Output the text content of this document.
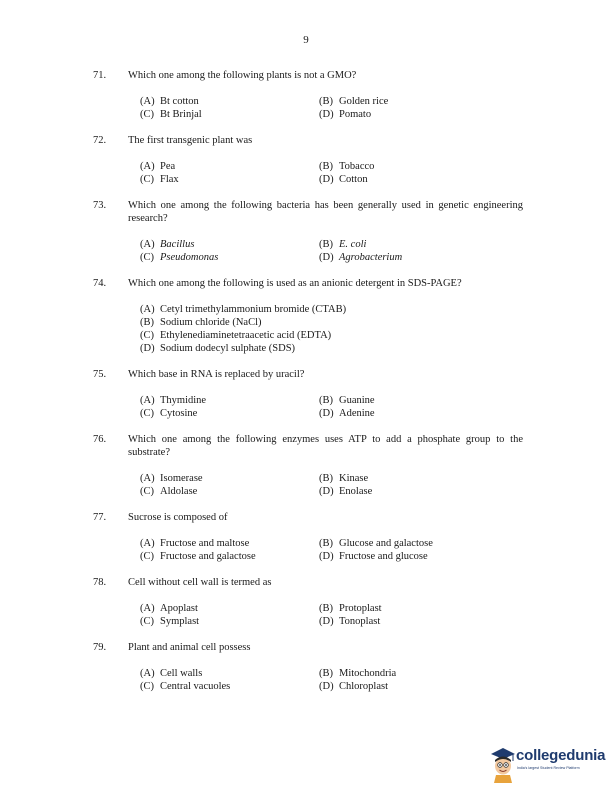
9
71. Which one among the following plants is not a GMO?
(A) Bt cotton	(B) Golden rice
(C) Bt Brinjal	(D) Pomato
72. The first transgenic plant was
(A) Pea	(B) Tobacco
(C) Flax	(D) Cotton
73. Which one among the following bacteria has been generally used in genetic engineering research?
(A) Bacillus	(B) E. coli
(C) Pseudomonas	(D) Agrobacterium
74. Which one among the following is used as an anionic detergent in SDS-PAGE?
(A) Cetyl trimethylammonium bromide (CTAB)
(B) Sodium chloride (NaCl)
(C) Ethylenediaminetetraacetic acid (EDTA)
(D) Sodium dodecyl sulphate (SDS)
75. Which base in RNA is replaced by uracil?
(A) Thymidine	(B) Guanine
(C) Cytosine	(D) Adenine
76. Which one among the following enzymes uses ATP to add a phosphate group to the substrate?
(A) Isomerase	(B) Kinase
(C) Aldolase	(D) Enolase
77. Sucrose is composed of
(A) Fructose and maltose	(B) Glucose and galactose
(C) Fructose and galactose	(D) Fructose and glucose
78. Cell without cell wall is termed as
(A) Apoplast	(B) Protoplast
(C) Symplast	(D) Tonoplast
79. Plant and animal cell possess
(A) Cell walls	(B) Mitochondria
(C) Central vacuoles	(D) Chloroplast
collegedunia
India's largest Student Review Platform
